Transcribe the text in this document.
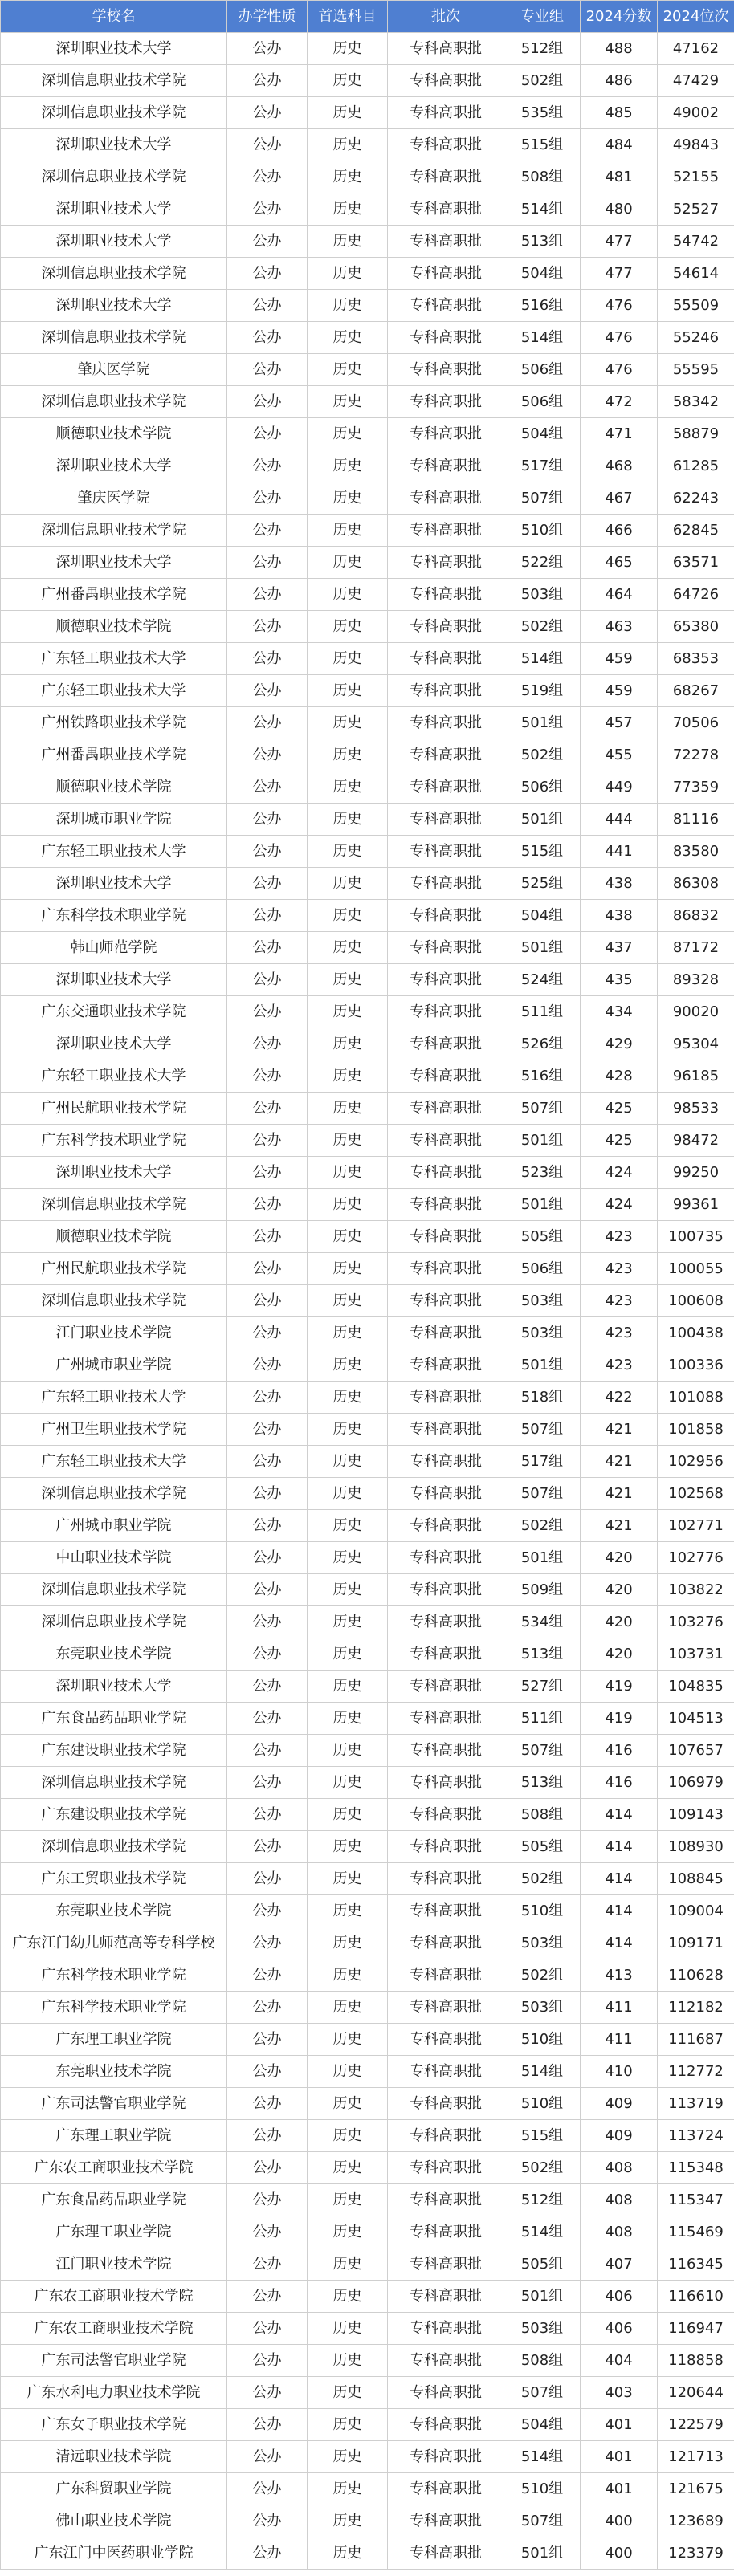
学校名	办学性质	首选科目	批次	专业组	2024分数	2024位次
深圳职业技术大学	公办	历史	专科高职批	512组	488	47162
深圳信息职业技术学院	公办	历史	专科高职批	502组	486	47429
深圳信息职业技术学院	公办	历史	专科高职批	535组	485	49002
深圳职业技术大学	公办	历史	专科高职批	515组	484	49843
深圳信息职业技术学院	公办	历史	专科高职批	508组	481	52155
深圳职业技术大学	公办	历史	专科高职批	514组	480	52527
深圳职业技术大学	公办	历史	专科高职批	513组	477	54742
深圳信息职业技术学院	公办	历史	专科高职批	504组	477	54614
深圳职业技术大学	公办	历史	专科高职批	516组	476	55509
深圳信息职业技术学院	公办	历史	专科高职批	514组	476	55246
肇庆医学院	公办	历史	专科高职批	506组	476	55595
深圳信息职业技术学院	公办	历史	专科高职批	506组	472	58342
顺德职业技术学院	公办	历史	专科高职批	504组	471	58879
深圳职业技术大学	公办	历史	专科高职批	517组	468	61285
肇庆医学院	公办	历史	专科高职批	507组	467	62243
深圳信息职业技术学院	公办	历史	专科高职批	510组	466	62845
深圳职业技术大学	公办	历史	专科高职批	522组	465	63571
广州番禺职业技术学院	公办	历史	专科高职批	503组	464	64726
顺德职业技术学院	公办	历史	专科高职批	502组	463	65380
广东轻工职业技术大学	公办	历史	专科高职批	514组	459	68353
广东轻工职业技术大学	公办	历史	专科高职批	519组	459	68267
广州铁路职业技术学院	公办	历史	专科高职批	501组	457	70506
广州番禺职业技术学院	公办	历史	专科高职批	502组	455	72278
顺德职业技术学院	公办	历史	专科高职批	506组	449	77359
深圳城市职业学院	公办	历史	专科高职批	501组	444	81116
广东轻工职业技术大学	公办	历史	专科高职批	515组	441	83580
深圳职业技术大学	公办	历史	专科高职批	525组	438	86308
广东科学技术职业学院	公办	历史	专科高职批	504组	438	86832
韩山师范学院	公办	历史	专科高职批	501组	437	87172
深圳职业技术大学	公办	历史	专科高职批	524组	435	89328
广东交通职业技术学院	公办	历史	专科高职批	511组	434	90020
深圳职业技术大学	公办	历史	专科高职批	526组	429	95304
广东轻工职业技术大学	公办	历史	专科高职批	516组	428	96185
广州民航职业技术学院	公办	历史	专科高职批	507组	425	98533
广东科学技术职业学院	公办	历史	专科高职批	501组	425	98472
深圳职业技术大学	公办	历史	专科高职批	523组	424	99250
深圳信息职业技术学院	公办	历史	专科高职批	501组	424	99361
顺德职业技术学院	公办	历史	专科高职批	505组	423	100735
广州民航职业技术学院	公办	历史	专科高职批	506组	423	100055
深圳信息职业技术学院	公办	历史	专科高职批	503组	423	100608
江门职业技术学院	公办	历史	专科高职批	503组	423	100438
广州城市职业学院	公办	历史	专科高职批	501组	423	100336
广东轻工职业技术大学	公办	历史	专科高职批	518组	422	101088
广州卫生职业技术学院	公办	历史	专科高职批	507组	421	101858
广东轻工职业技术大学	公办	历史	专科高职批	517组	421	102956
深圳信息职业技术学院	公办	历史	专科高职批	507组	421	102568
广州城市职业学院	公办	历史	专科高职批	502组	421	102771
中山职业技术学院	公办	历史	专科高职批	501组	420	102776
深圳信息职业技术学院	公办	历史	专科高职批	509组	420	103822
深圳信息职业技术学院	公办	历史	专科高职批	534组	420	103276
东莞职业技术学院	公办	历史	专科高职批	513组	420	103731
深圳职业技术大学	公办	历史	专科高职批	527组	419	104835
广东食品药品职业学院	公办	历史	专科高职批	511组	419	104513
广东建设职业技术学院	公办	历史	专科高职批	507组	416	107657
深圳信息职业技术学院	公办	历史	专科高职批	513组	416	106979
广东建设职业技术学院	公办	历史	专科高职批	508组	414	109143
深圳信息职业技术学院	公办	历史	专科高职批	505组	414	108930
广东工贸职业技术学院	公办	历史	专科高职批	502组	414	108845
东莞职业技术学院	公办	历史	专科高职批	510组	414	109004
广东江门幼儿师范高等专科学校	公办	历史	专科高职批	503组	414	109171
广东科学技术职业学院	公办	历史	专科高职批	502组	413	110628
广东科学技术职业学院	公办	历史	专科高职批	503组	411	112182
广东理工职业学院	公办	历史	专科高职批	510组	411	111687
东莞职业技术学院	公办	历史	专科高职批	514组	410	112772
广东司法警官职业学院	公办	历史	专科高职批	510组	409	113719
广东理工职业学院	公办	历史	专科高职批	515组	409	113724
广东农工商职业技术学院	公办	历史	专科高职批	502组	408	115348
广东食品药品职业学院	公办	历史	专科高职批	512组	408	115347
广东理工职业学院	公办	历史	专科高职批	514组	408	115469
江门职业技术学院	公办	历史	专科高职批	505组	407	116345
广东农工商职业技术学院	公办	历史	专科高职批	501组	406	116610
广东农工商职业技术学院	公办	历史	专科高职批	503组	406	116947
广东司法警官职业学院	公办	历史	专科高职批	508组	404	118858
广东水利电力职业技术学院	公办	历史	专科高职批	507组	403	120644
广东女子职业技术学院	公办	历史	专科高职批	504组	401	122579
清远职业技术学院	公办	历史	专科高职批	514组	401	121713
广东科贸职业学院	公办	历史	专科高职批	510组	401	121675
佛山职业技术学院	公办	历史	专科高职批	507组	400	123689
广东江门中医药职业学院	公办	历史	专科高职批	501组	400	123379
